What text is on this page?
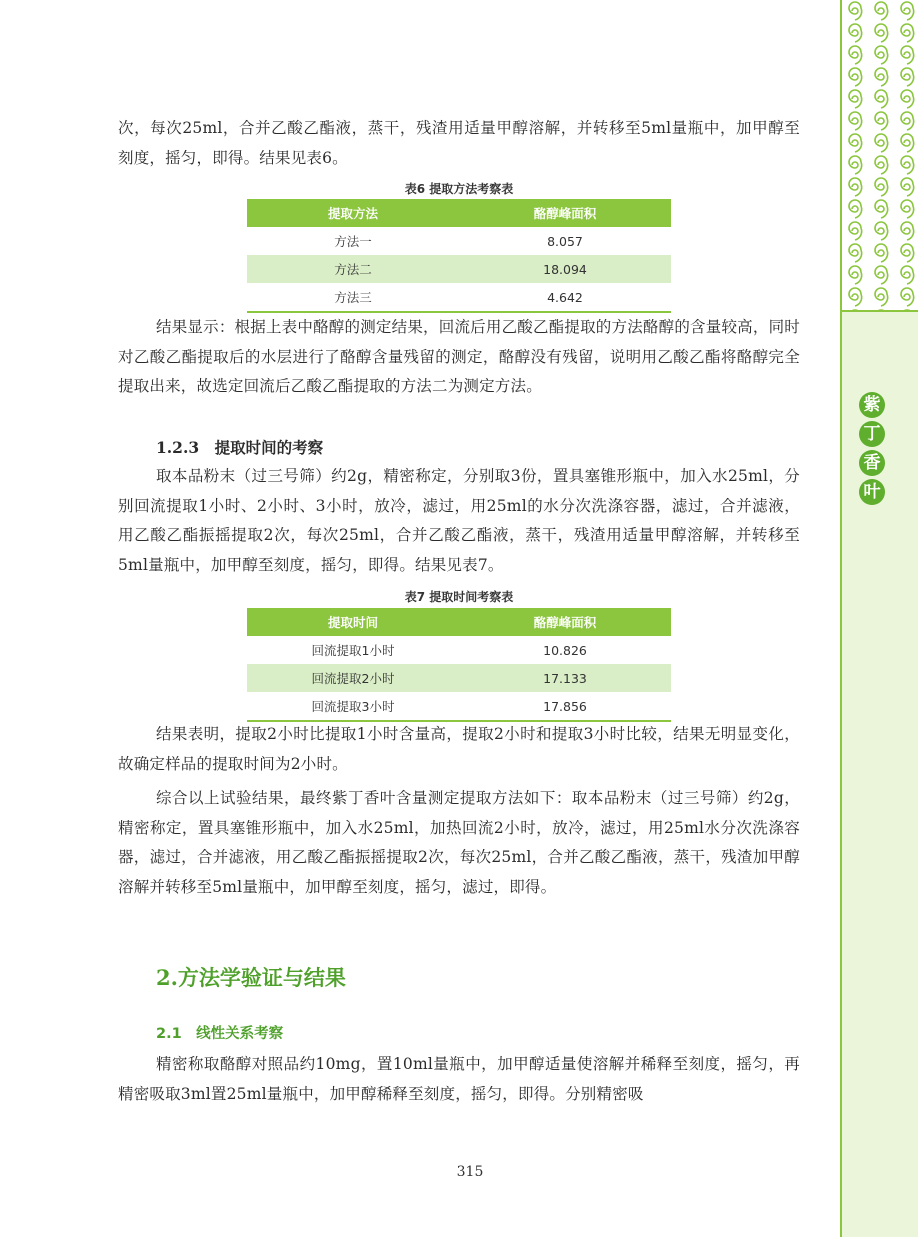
紫
丁
香
叶

次，每次25ml，合并乙酸乙酯液，蒸干，残渣用适量甲醇溶解，并转移至5ml量瓶中，加甲醇至刻度，摇匀，即得。结果见表6。

表6 提取方法考察表
提取方法	酪醇峰面积
方法一	8.057
方法二	18.094
方法三	4.642

结果显示：根据上表中酪醇的测定结果，回流后用乙酸乙酯提取的方法酪醇的含量较高，同时对乙酸乙酯提取后的水层进行了酪醇含量残留的测定，酪醇没有残留，说明用乙酸乙酯将酪醇完全提取出来，故选定回流后乙酸乙酯提取的方法二为测定方法。

1.2.3　提取时间的考察

取本品粉末（过三号筛）约2g，精密称定，分别取3份，置具塞锥形瓶中，加入水25ml，分别回流提取1小时、2小时、3小时，放冷，滤过，用25ml的水分次洗涤容器，滤过，合并滤液，用乙酸乙酯振摇提取2次，每次25ml，合并乙酸乙酯液，蒸干，残渣用适量甲醇溶解，并转移至5ml量瓶中，加甲醇至刻度，摇匀，即得。结果见表7。

表7 提取时间考察表
提取时间	酪醇峰面积
回流提取1小时	10.826
回流提取2小时	17.133
回流提取3小时	17.856

结果表明，提取2小时比提取1小时含量高，提取2小时和提取3小时比较，结果无明显变化，故确定样品的提取时间为2小时。

综合以上试验结果，最终紫丁香叶含量测定提取方法如下：取本品粉末（过三号筛）约2g，精密称定，置具塞锥形瓶中，加入水25ml，加热回流2小时，放冷，滤过，用25ml水分次洗涤容器，滤过，合并滤液，用乙酸乙酯振摇提取2次，每次25ml，合并乙酸乙酯液，蒸干，残渣加甲醇溶解并转移至5ml量瓶中，加甲醇至刻度，摇匀，滤过，即得。

2.方法学验证与结果
2.1　线性关系考察

精密称取酪醇对照品约10mg，置10ml量瓶中，加甲醇适量使溶解并稀释至刻度，摇匀，再精密吸取3ml置25ml量瓶中，加甲醇稀释至刻度，摇匀，即得。分别精密吸

315
